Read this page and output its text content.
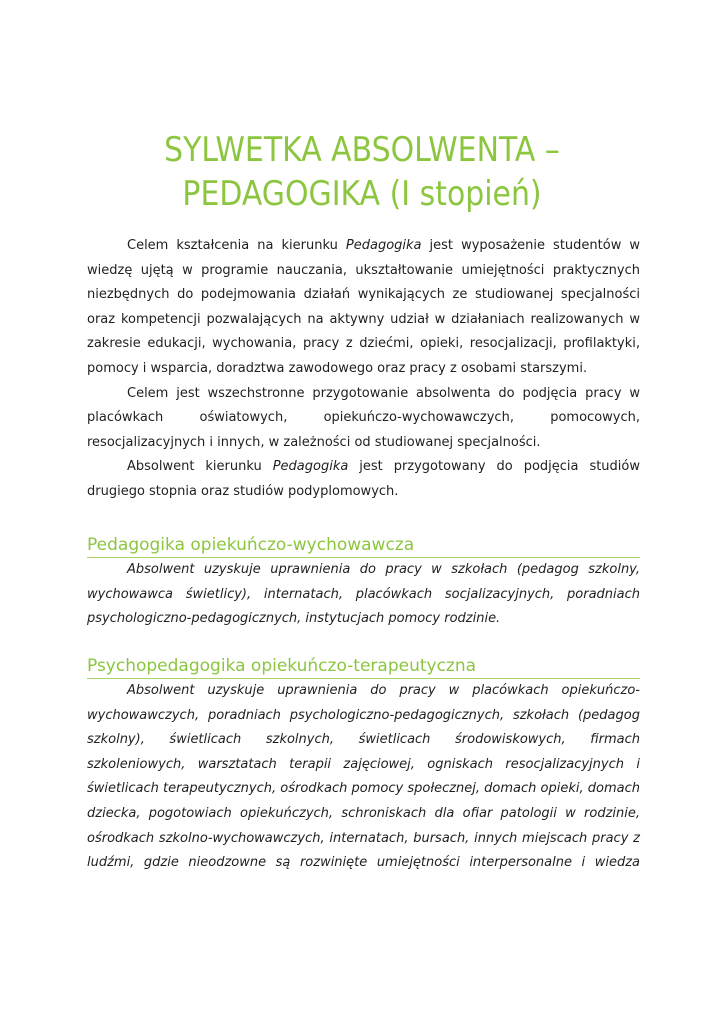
SYLWETKA ABSOLWENTA –
PEDAGOGIKA (I stopień)

Celem kształcenia na kierunku Pedagogika jest wyposażenie studentów w wiedzę ujętą w programie nauczania, ukształtowanie umiejętności praktycznych niezbędnych do podejmowania działań wynikających ze studiowanej specjalności oraz kompetencji pozwalających na aktywny udział w działaniach realizowanych w zakresie edukacji, wychowania, pracy z dziećmi, opieki, resocjalizacji, profilaktyki, pomocy i wsparcia, doradztwa zawodowego oraz pracy z osobami starszymi.

Celem jest wszechstronne przygotowanie absolwenta do podjęcia pracy w placówkach oświatowych, opiekuńczo-wychowawczych, pomocowych, resocjalizacyjnych i innych, w zależności od studiowanej specjalności.

Absolwent kierunku Pedagogika jest przygotowany do podjęcia studiów drugiego stopnia oraz studiów podyplomowych.

Pedagogika opiekuńczo-wychowawcza

Absolwent uzyskuje uprawnienia do pracy w szkołach (pedagog szkolny, wychowawca świetlicy), internatach, placówkach socjalizacyjnych, poradniach psychologiczno-pedagogicznych, instytucjach pomocy rodzinie.

Psychopedagogika opiekuńczo-terapeutyczna

Absolwent uzyskuje uprawnienia do pracy w placówkach opiekuńczo-wychowawczych, poradniach psychologiczno-pedagogicznych, szkołach (pedagog szkolny), świetlicach szkolnych, świetlicach środowiskowych, firmach szkoleniowych, warsztatach terapii zajęciowej, ogniskach resocjalizacyjnych i świetlicach terapeutycznych, ośrodkach pomocy społecznej, domach opieki, domach dziecka, pogotowiach opiekuńczych, schroniskach dla ofiar patologii w rodzinie, ośrodkach szkolno-wychowawczych, internatach, bursach, innych miejscach pracy z ludźmi, gdzie nieodzowne są rozwinięte umiejętności interpersonalne i wiedza
